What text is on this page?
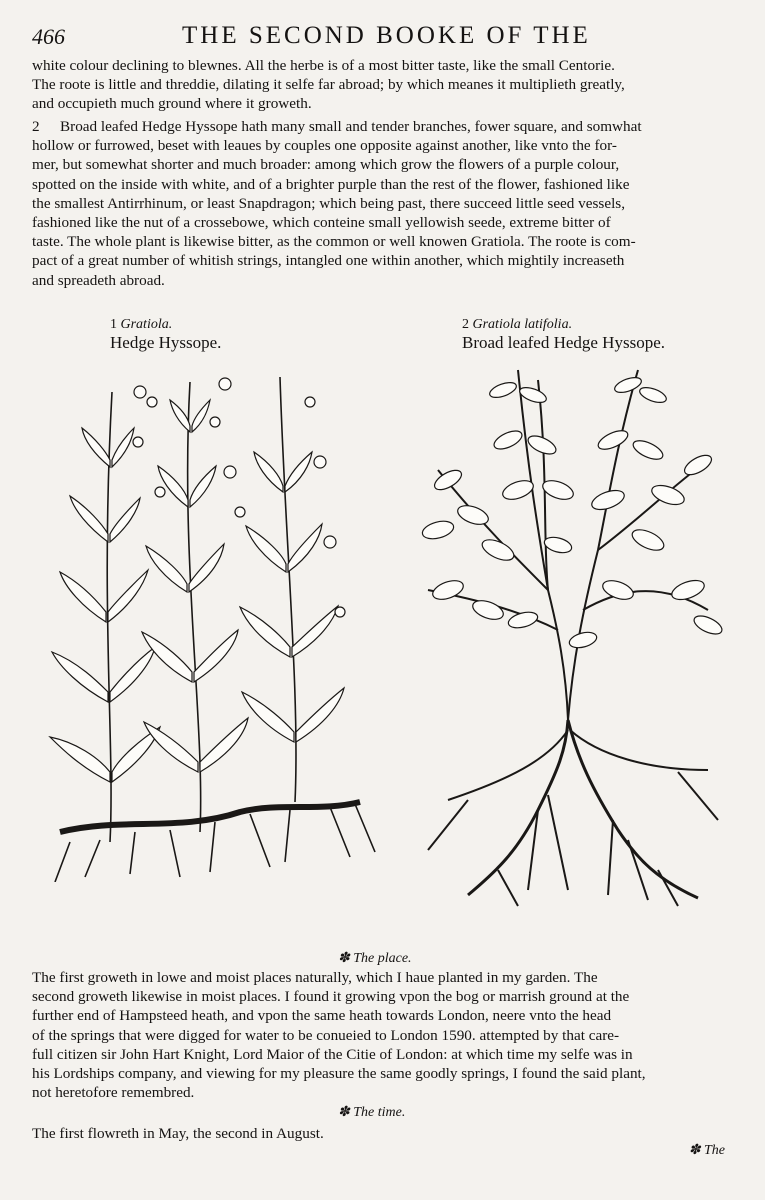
466	THE SECOND BOOKE OF THE
white colour declining to blewnes. All the herbe is of a most bitter taste, like the small Centorie.
The roote is little and threddie, dilating it selfe far abroad; by which meanes it multiplieth greatly,
and occupieth much ground where it groweth.
2 Broad leafed Hedge Hyssope hath many small and tender branches, fower square, and somwhat
hollow or furrowed, beset with leaues by couples one opposite against another, like vnto the for-
mer, but somewhat shorter and much broader: among which grow the flowers of a purple colour,
spotted on the inside with white, and of a brighter purple than the rest of the flower, fashioned like
the smallest Antirrhinum, or least Snapdragon; which being past, there succeed little seed vessels,
fashioned like the nut of a crossebowe, which conteine small yellowish seede, extreme bitter of
taste. The whole plant is likewise bitter, as the common or well knowen Gratiola. The roote is com-
pact of a great number of whitish strings, intangled one within another, which mightily increaseth
and spreadeth abroad.
1 Gratiola.
Hedge Hyssope.
2 Gratiola latifolia.
Broad leafed Hedge Hyssope.
✽ The place.
The first groweth in lowe and moist places naturally, which I haue planted in my garden. The
second groweth likewise in moist places. I found it growing vpon the bog or marrish ground at the
further end of Hampsteed heath, and vpon the same heath towards London, neere vnto the head
of the springs that were digged for water to be conueied to London 1590. attempted by that care-
full citizen sir John Hart Knight, Lord Maior of the Citie of London: at which time my selfe was in
his Lordships company, and viewing for my pleasure the same goodly springs, I found the said plant,
not heretofore remembred.
✽ The time.
The first flowreth in May, the second in August.
✽ The
